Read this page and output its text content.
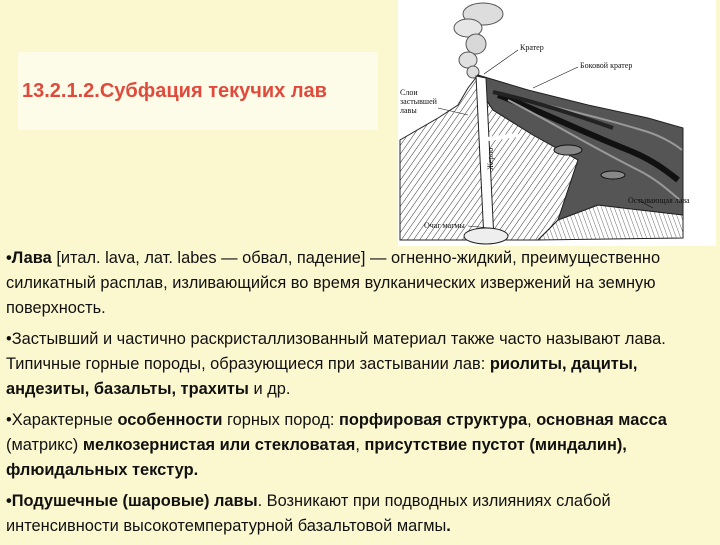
13.2.1.2.Субфация текучих лав
Кратер
Боковой кратер
Слои
застывшей
лавы
Жерло
Остывающая лава
Очаг магмы

•Лава [итал. lava, лат. labes — обвал, падение] — огненно-жидкий, преимущественно силикатный расплав, изливающийся во время вулканических извержений на земную поверхность.

•Застывший и частично раскристаллизованный материал также часто называют лава. Типичные горные породы, образующиеся при застывании лав: риолиты, дациты, андезиты, базальты, трахиты и др.

•Характерные особенности горных пород: порфировая структура, основная масса (матрикс) мелкозернистая или стекловатая, присутствие пустот (миндалин), флюидальных текстур.

•Подушечные (шаровые) лавы. Возникают при подводных излияниях слабой интенсивности высокотемпературной базальтовой магмы.
